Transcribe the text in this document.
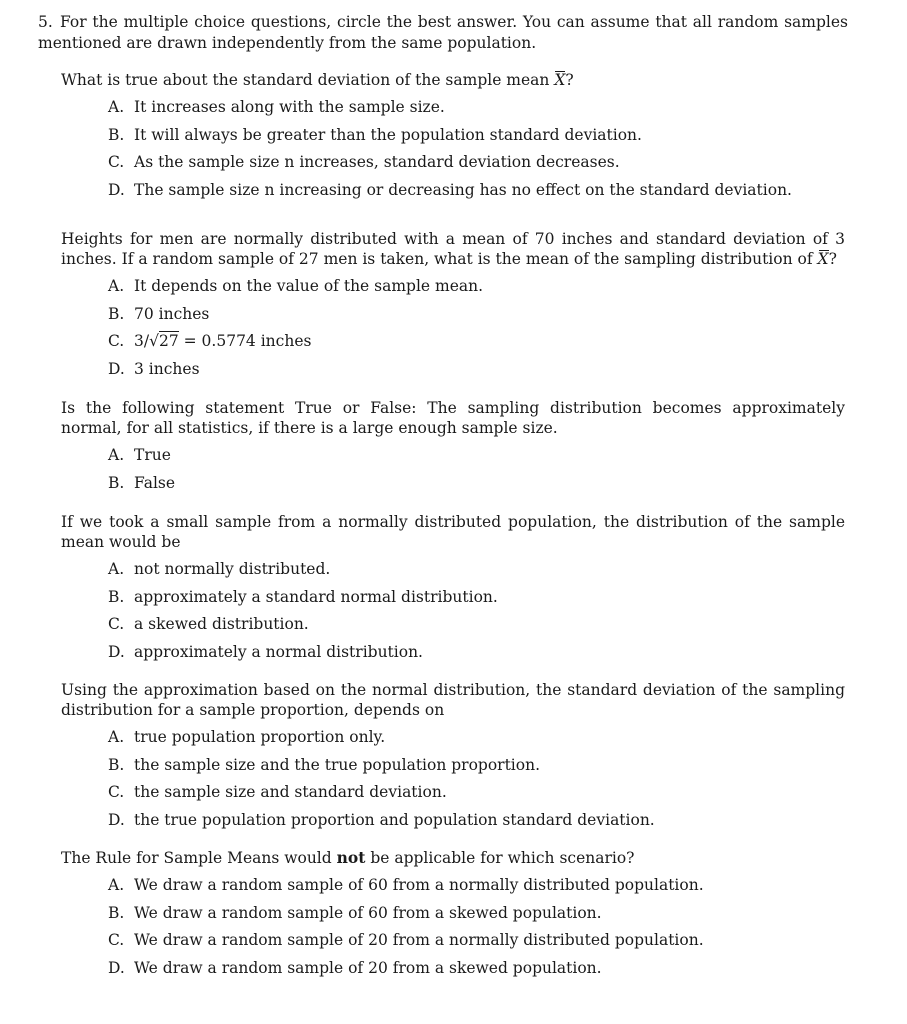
5. For the multiple choice questions, circle the best answer. You can assume that all random samples mentioned are drawn independently from the same population.
What is true about the standard deviation of the sample mean X?
A. It increases along with the sample size.
B. It will always be greater than the population standard deviation.
C. As the sample size n increases, standard deviation decreases.
D. The sample size n increasing or decreasing has no effect on the standard deviation.
Heights for men are normally distributed with a mean of 70 inches and standard deviation of 3 inches. If a random sample of 27 men is taken, what is the mean of the sampling distribution of X?
A. It depends on the value of the sample mean.
B. 70 inches
C. 3/√27 = 0.5774 inches
D. 3 inches
Is the following statement True or False: The sampling distribution becomes approximately normal, for all statistics, if there is a large enough sample size.
A. True
B. False
If we took a small sample from a normally distributed population, the distribution of the sample mean would be
A. not normally distributed.
B. approximately a standard normal distribution.
C. a skewed distribution.
D. approximately a normal distribution.
Using the approximation based on the normal distribution, the standard deviation of the sampling distribution for a sample proportion, depends on
A. true population proportion only.
B. the sample size and the true population proportion.
C. the sample size and standard deviation.
D. the true population proportion and population standard deviation.
The Rule for Sample Means would not be applicable for which scenario?
A. We draw a random sample of 60 from a normally distributed population.
B. We draw a random sample of 60 from a skewed population.
C. We draw a random sample of 20 from a normally distributed population.
D. We draw a random sample of 20 from a skewed population.
